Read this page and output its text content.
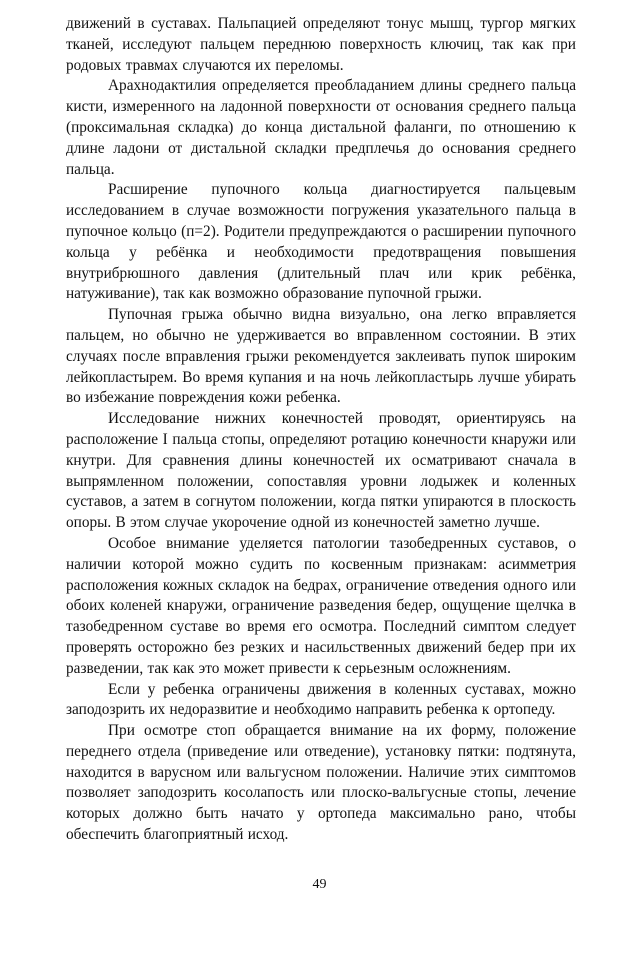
движений в суставах. Пальпацией определяют тонус мышц, тургор мягких тканей, исследуют пальцем переднюю поверхность ключиц, так как при родовых травмах случаются их переломы.

Арахнодактилия определяется преобладанием длины среднего пальца кисти, измеренного на ладонной поверхности от основания среднего пальца (проксимальная складка) до конца дистальной фаланги, по отношению к длине ладони от дистальной складки предплечья до основания среднего пальца.

Расширение пупочного кольца диагностируется пальцевым исследованием в случае возможности погружения указательного пальца в пупочное кольцо (п=2). Родители предупреждаются о расширении пупочного кольца у ребёнка и необходимости предотвращения повышения внутрибрюшного давления (длительный плач или крик ребёнка, натуживание), так как возможно образование пупочной грыжи.

Пупочная грыжа обычно видна визуально, она легко вправляется пальцем, но обычно не удерживается во вправленном состоянии. В этих случаях после вправления грыжи рекомендуется заклеивать пупок широким лейкопластырем. Во время купания и на ночь лейкопластырь лучше убирать во избежание повреждения кожи ребенка.

Исследование нижних конечностей проводят, ориентируясь на расположение I пальца стопы, определяют ротацию конечности кнаружи или кнутри. Для сравнения длины конечностей их осматривают сначала в выпрямленном положении, сопоставляя уровни лодыжек и коленных суставов, а затем в согнутом положении, когда пятки упираются в плоскость опоры. В этом случае укорочение одной из конечностей заметно лучше.

Особое внимание уделяется патологии тазобедренных суставов, о наличии которой можно судить по косвенным признакам: асимметрия расположения кожных складок на бедрах, ограничение отведения одного или обоих коленей кнаружи, ограничение разведения бедер, ощущение щелчка в тазобедренном суставе во время его осмотра. Последний симптом следует проверять осторожно без резких и насильственных движений бедер при их разведении, так как это может привести к серьезным осложнениям.

Если у ребенка ограничены движения в коленных суставах, можно заподозрить их недоразвитие и необходимо направить ребенка к ортопеду.

При осмотре стоп обращается внимание на их форму, положение переднего отдела (приведение или отведение), установку пятки: подтянута, находится в варусном или вальгусном положении. Наличие этих симптомов позволяет заподозрить косолапость или плоско-вальгусные стопы, лечение которых должно быть начато у ортопеда максимально рано, чтобы обеспечить благоприятный исход.

49
